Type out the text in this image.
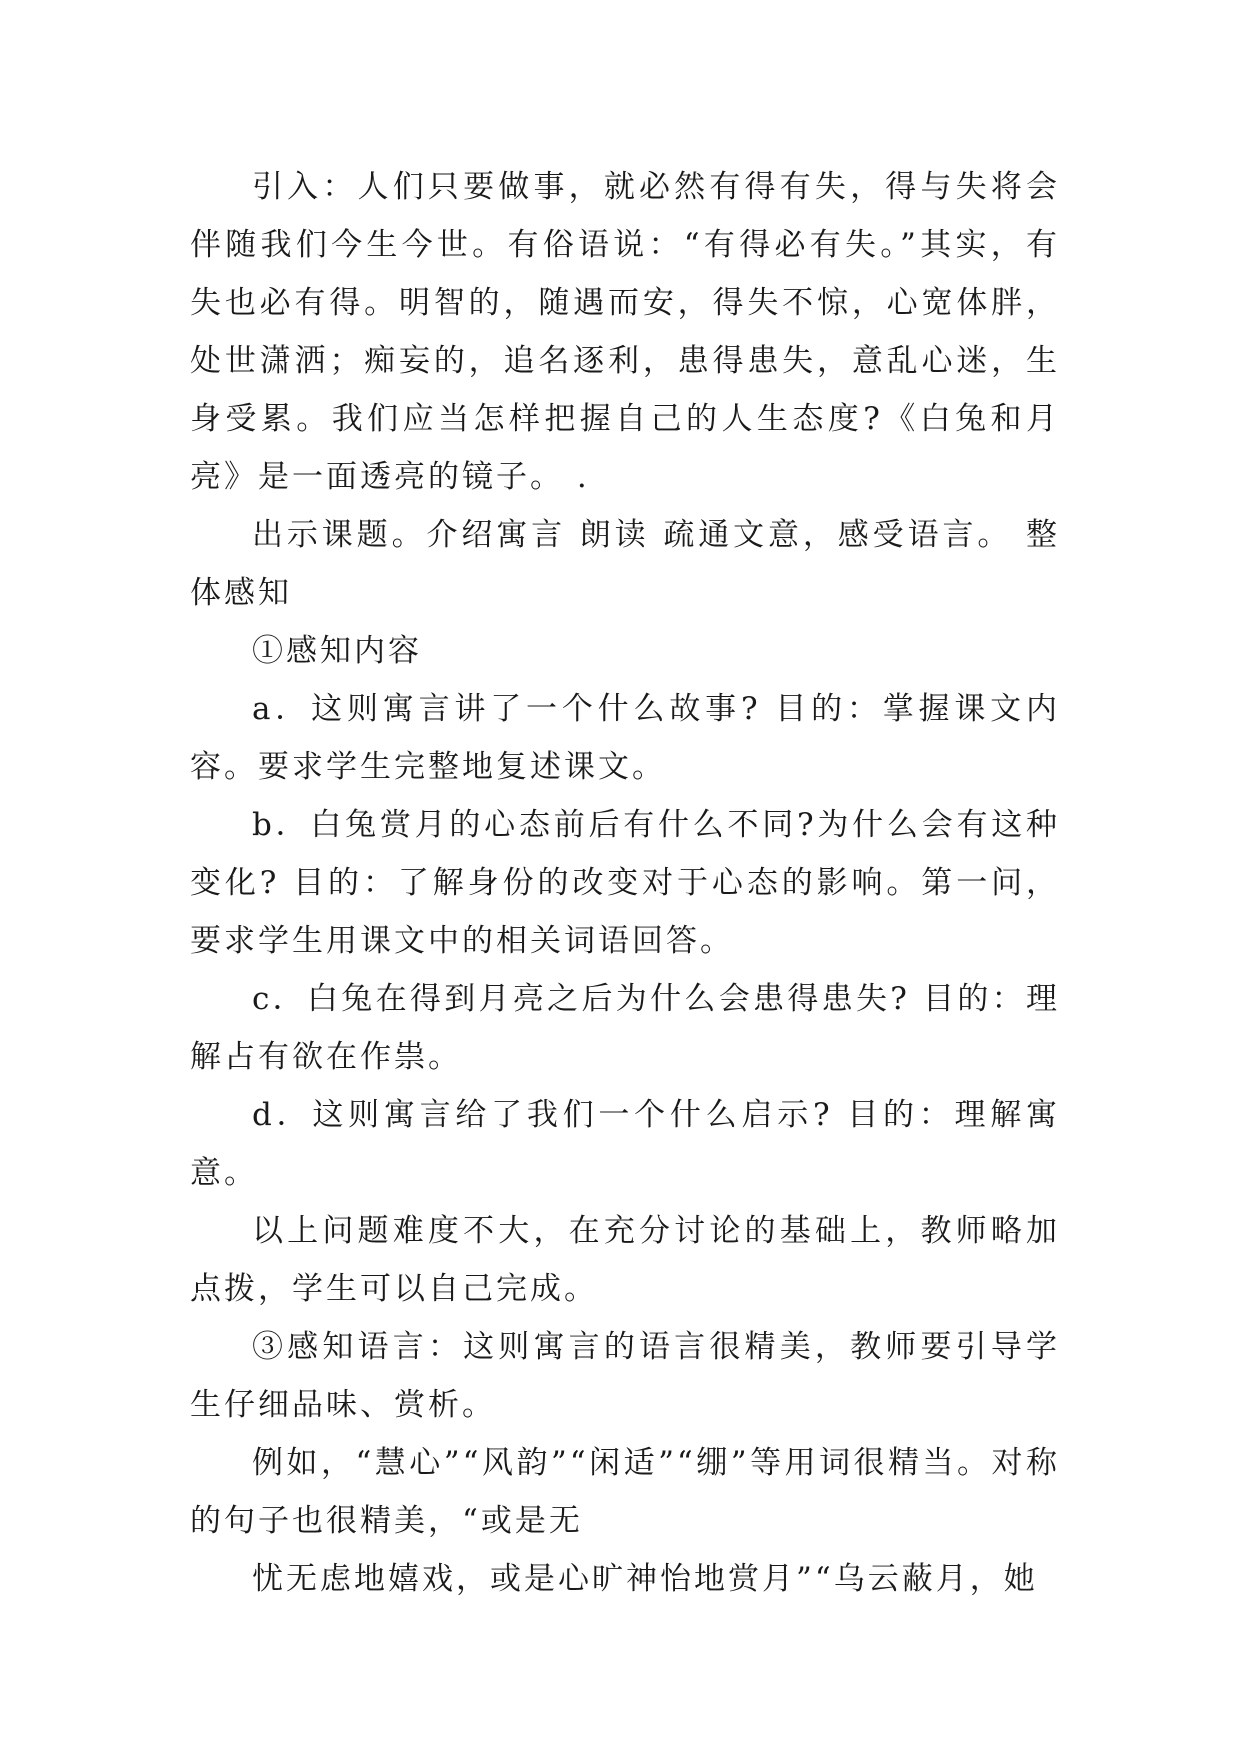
引入：人们只要做事，就必然有得有失，得与失将会伴随我们今生今世。有俗语说：“有得必有失。”其实，有失也必有得。明智的，随遇而安，得失不惊，心宽体胖，处世潇洒；痴妄的，追名逐利，患得患失，意乱心迷，生身受累。我们应当怎样把握自己的人生态度?《白兔和月亮》是一面透亮的镜子。 .

出示课题。介绍寓言 朗读 疏通文意，感受语言。 整体感知

①感知内容

a．这则寓言讲了一个什么故事? 目的：掌握课文内容。要求学生完整地复述课文。

b．白兔赏月的心态前后有什么不同?为什么会有这种变化? 目的：了解身份的改变对于心态的影响。第一问，要求学生用课文中的相关词语回答。

c．白兔在得到月亮之后为什么会患得患失? 目的：理解占有欲在作祟。

d．这则寓言给了我们一个什么启示? 目的：理解寓意。

以上问题难度不大，在充分讨论的基础上，教师略加点拨，学生可以自己完成。

③感知语言：这则寓言的语言很精美，教师要引导学生仔细品味、赏析。

例如，“慧心”“风韵”“闲适”“绷”等用词很精当。对称的句子也很精美，“或是无

忧无虑地嬉戏，或是心旷神怡地赏月”“乌云蔽月，她
